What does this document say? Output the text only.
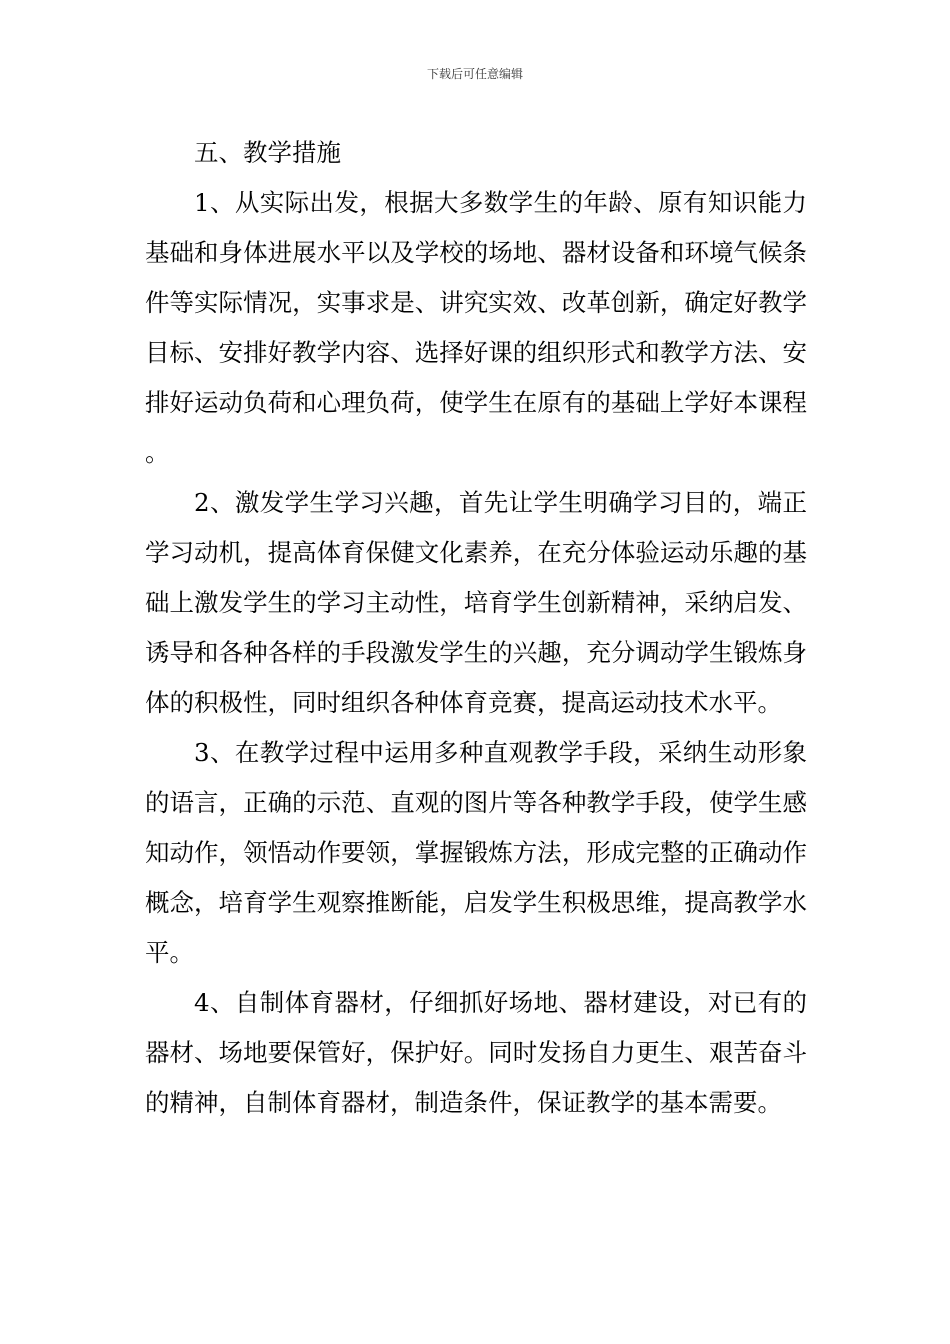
下载后可任意编辑

五、教学措施

1、从实际出发，根据大多数学生的年龄、原有知识能力基础和身体进展水平以及学校的场地、器材设备和环境气候条件等实际情况，实事求是、讲究实效、改革创新，确定好教学目标、安排好教学内容、选择好课的组织形式和教学方法、安排好运动负荷和心理负荷，使学生在原有的基础上学好本课程。

2、激发学生学习兴趣，首先让学生明确学习目的，端正学习动机，提高体育保健文化素养，在充分体验运动乐趣的基础上激发学生的学习主动性，培育学生创新精神，采纳启发、诱导和各种各样的手段激发学生的兴趣，充分调动学生锻炼身体的积极性，同时组织各种体育竞赛，提高运动技术水平。

3、在教学过程中运用多种直观教学手段，采纳生动形象的语言，正确的示范、直观的图片等各种教学手段，使学生感知动作，领悟动作要领，掌握锻炼方法，形成完整的正确动作概念，培育学生观察推断能，启发学生积极思维，提高教学水平。

4、自制体育器材，仔细抓好场地、器材建设，对已有的器材、场地要保管好，保护好。同时发扬自力更生、艰苦奋斗的精神，自制体育器材，制造条件，保证教学的基本需要。
